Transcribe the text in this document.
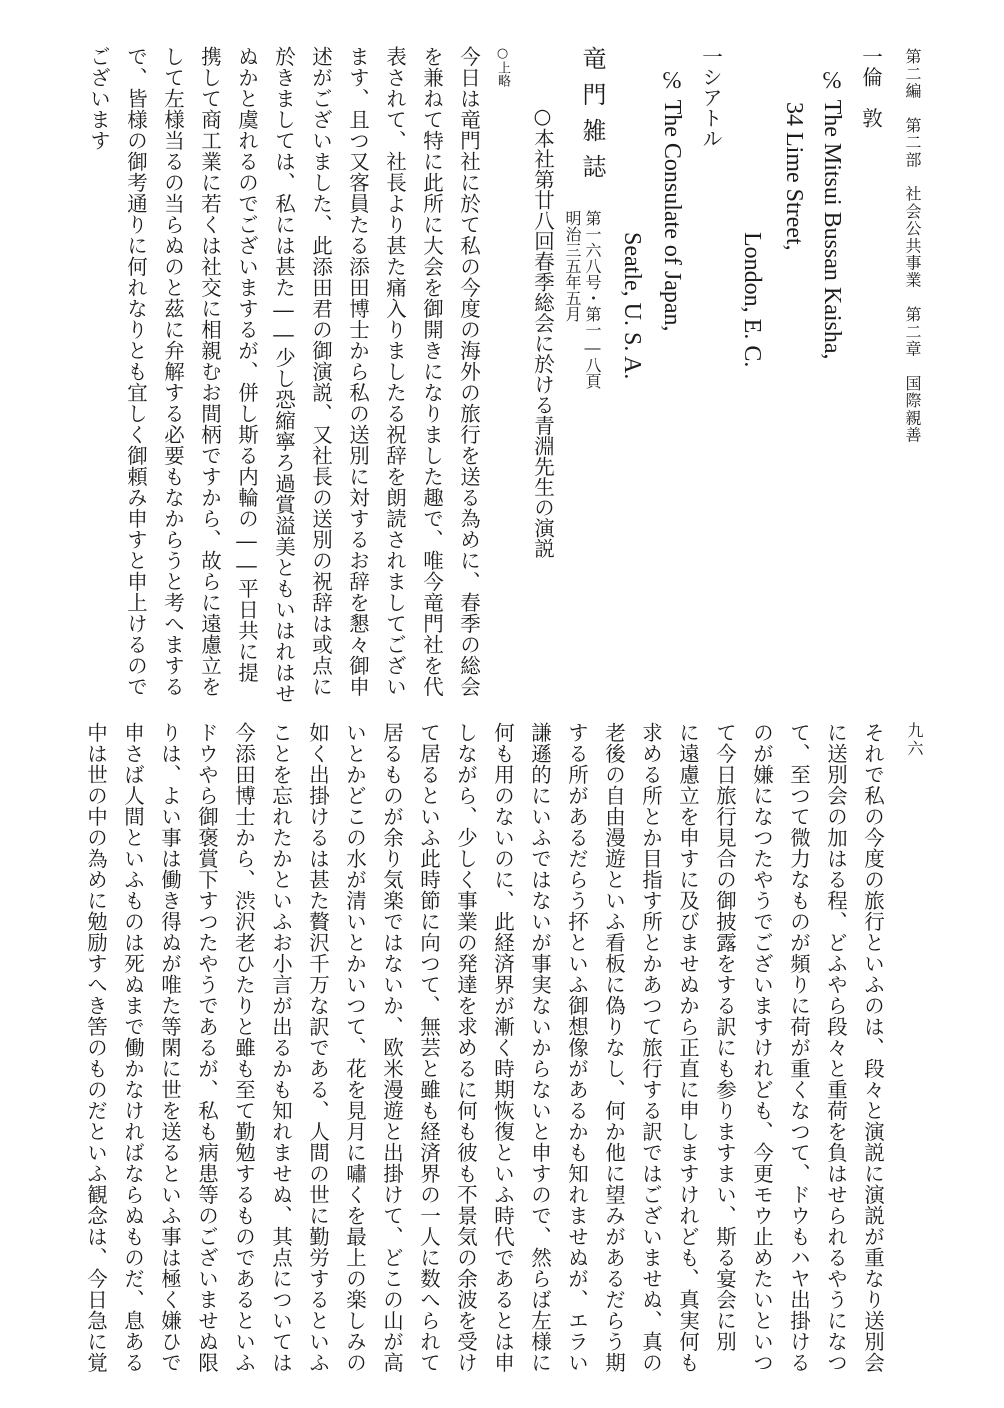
第二編　第二部　社会公共事業　第二章　国際親善
九六
一倫　敦
℅ The Mitsui Bussan Kaisha,
34 Lime Street,
London, E. C.
一シアトル
℅ The Consulate of Japan,
Seatle, U. S. A.
竜門雑誌
第一六八号・第一―八頁
明治三五年五月
○本社第廿八回春季総会に於ける青淵先生の演説
○上略
今日は竜門社に於て私の今度の海外の旅行を送る為めに、春季の総会
を兼ねて特に此所に大会を御開きになりました趣で、唯今竜門社を代
表されて、社長より甚た痛入りましたる祝辞を朗読されましてござい
ます、且つ又客員たる添田博士から私の送別に対するお辞を懇々御申
述がございました、此添田君の御演説、又社長の送別の祝辞は或点に
於きましては、私には甚た――少し恐縮寧ろ過賞溢美ともいはれはせ
ぬかと虞れるのでございまするが、併し斯る内輪の――平日共に提
携して商工業に若くは社交に相親むお間柄ですから、故らに遠慮立を
して左様当るの当らぬのと茲に弁解する必要もなからうと考へまする
で、皆様の御考通りに何れなりとも宜しく御頼み申すと申上けるので
ございます
それで私の今度の旅行といふのは、段々と演説に演説が重なり送別会
に送別会の加はる程、どふやら段々と重荷を負はせられるやうになつ
て、至つて微力なものが頻りに荷が重くなつて、ドウもハヤ出掛ける
のが嫌になつたやうでございますけれども、今更モウ止めたいといつ
て今日旅行見合の御披露をする訳にも参りますまい、斯る宴会に別
に遠慮立を申すに及びませぬから正直に申しますけれども、真実何も
求める所とか目指す所とかあつて旅行する訳ではございませぬ、真の
老後の自由漫遊といふ看板に偽りなし、何か他に望みがあるだらう期
する所があるだらう抔といふ御想像があるかも知れませぬが、エラい
謙遜的にいふではないが事実ないからないと申すので、然らば左様に
何も用のないのに、此経済界が漸く時期恢復といふ時代であるとは申
しながら、少しく事業の発達を求めるに何も彼も不景気の余波を受け
て居るといふ此時節に向つて、無芸と雖も経済界の一人に数へられて
居るものが余り気楽ではないか、欧米漫遊と出掛けて、どこの山が高
いとかどこの水が清いとかいつて、花を見月に嘯くを最上の楽しみの
如く出掛けるは甚た贅沢千万な訳である、人間の世に勤労するといふ
ことを忘れたかといふお小言が出るかも知れませぬ、其点については
今添田博士から、渋沢老ひたりと雖も至て勤勉するものであるといふ
ドウやら御褒賞下すつたやうであるが、私も病患等のございませぬ限
りは、よい事は働き得ぬが唯た等閑に世を送るといふ事は極く嫌ひで
申さば人間といふものは死ぬまで働かなければならぬものだ、息ある
中は世の中の為めに勉励すへき筈のものだといふ観念は、今日急に覚
